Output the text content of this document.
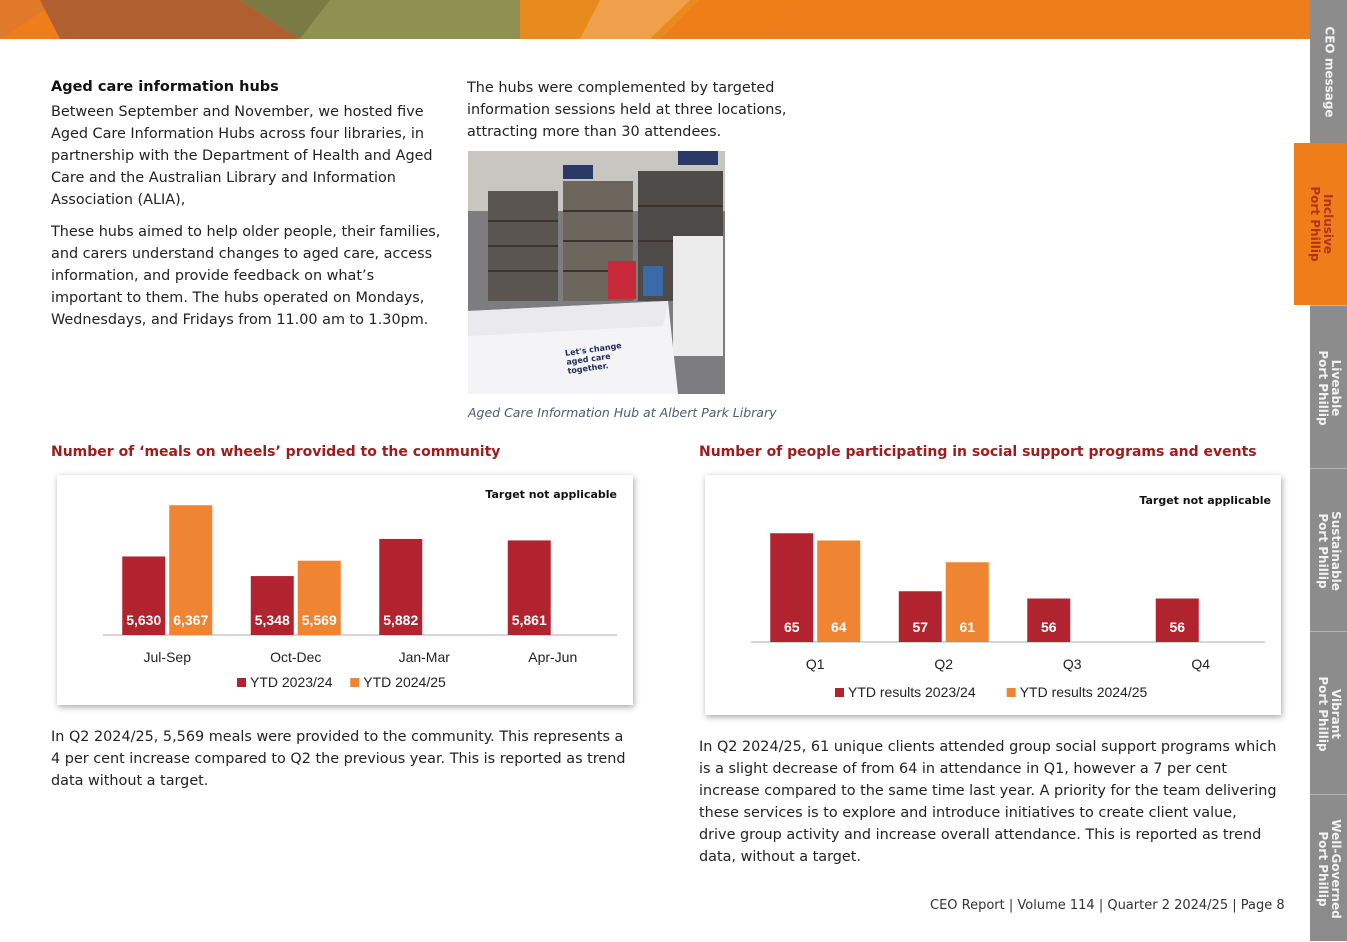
CEO message
Inclusive
Port Phillip
Liveable
Port Phillip
Sustainable
Port Phillip
Vibrant
Port Phillip
Well-Governed
Port Phillip
Aged care information hubs

Between September and November, we hosted five Aged Care Information Hubs across four libraries, in partnership with the Department of Health and Aged Care and the Australian Library and Information Association (ALIA),

These hubs aimed to help older people, their families, and carers understand changes to aged care, access information, and provide feedback on what’s important to them. The hubs operated on Mondays, Wednesdays, and Fridays from 11.00 am to 1.30pm.

The hubs were complemented by targeted information sessions held at three locations, attracting more than 30 attendees.

Let's change aged care together.
Aged Care Information Hub at Albert Park Library
Number of ‘meals on wheels’ provided to the community
Target not applicable
5,630 6,367
Jul-Sep
5,348 5,569
Oct-Dec
5,882
Jan-Mar
5,861
Apr-Jun
YTD 2023/24 YTD 2024/25
Number of people participating in social support programs and events
Target not applicable
65 64
Q1
57 61
Q2
56
Q3
56
Q4
YTD results 2023/24	YTD results 2024/25

In Q2 2024/25, 5,569 meals were provided to the community. This represents a 4 per cent increase compared to Q2 the previous year. This is reported as trend data without a target.

In Q2 2024/25, 61 unique clients attended group social support programs which is a slight decrease of from 64 in attendance in Q1, however a 7 per cent increase compared to the same time last year. A priority for the team delivering these services is to explore and introduce initiatives to create client value, drive group activity and increase overall attendance. This is reported as trend data, without a target.

CEO Report | Volume 114 | Quarter 2 2024/25 | Page 8
